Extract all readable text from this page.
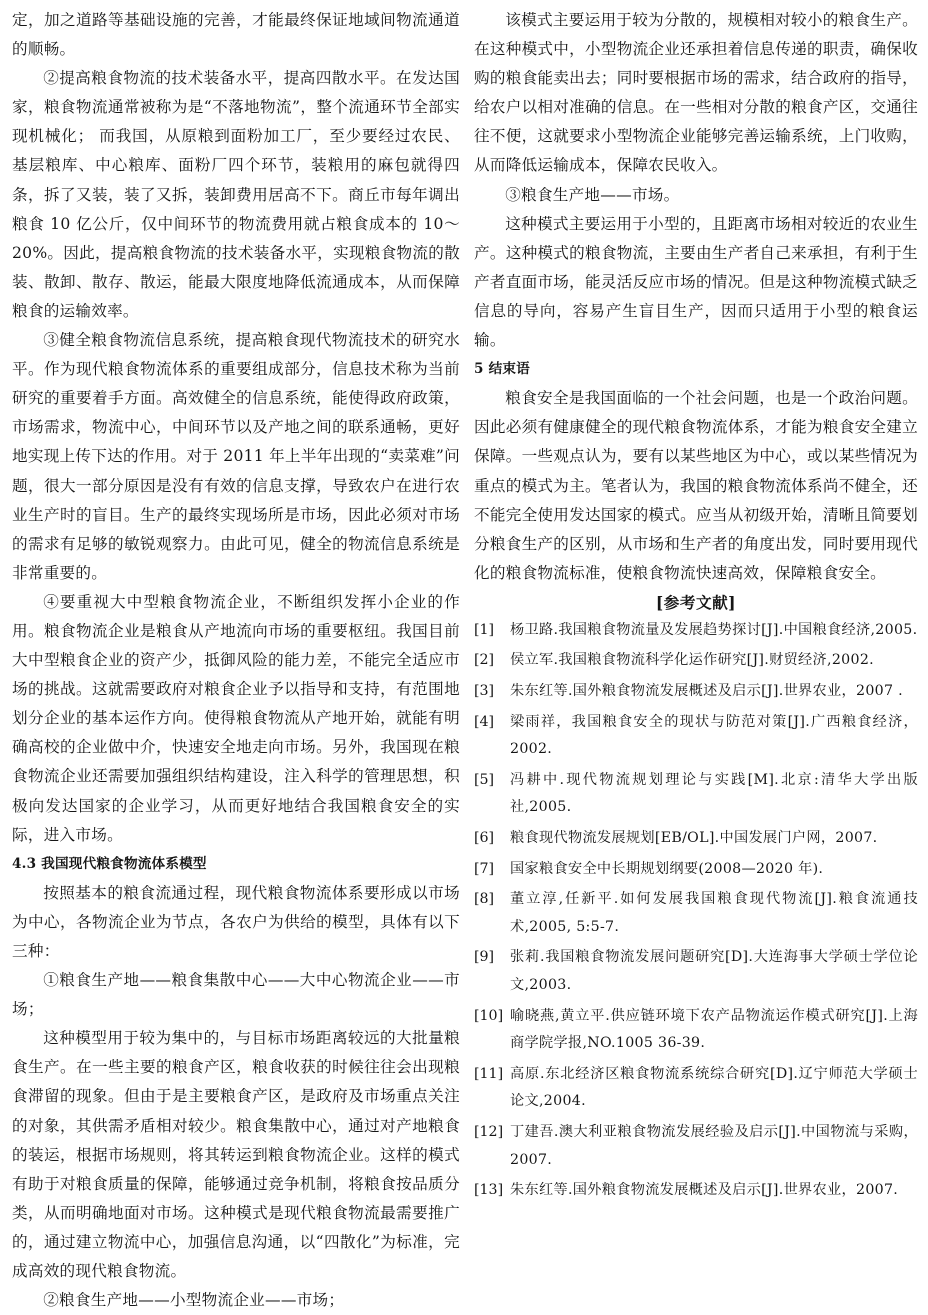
定，加之道路等基础设施的完善，才能最终保证地域间物流通道的顺畅。

②提高粮食物流的技术装备水平，提高四散水平。在发达国家，粮食物流通常被称为是“不落地物流”，整个流通环节全部实现机械化； 而我国，从原粮到面粉加工厂，至少要经过农民、基层粮库、中心粮库、面粉厂四个环节，装粮用的麻包就得四条，拆了又装，装了又拆，装卸费用居高不下。商丘市每年调出粮食 10 亿公斤，仅中间环节的物流费用就占粮食成本的 10～20%。因此，提高粮食物流的技术装备水平，实现粮食物流的散装、散卸、散存、散运，能最大限度地降低流通成本，从而保障粮食的运输效率。

③健全粮食物流信息系统，提高粮食现代物流技术的研究水平。作为现代粮食物流体系的重要组成部分，信息技术称为当前研究的重要着手方面。高效健全的信息系统，能使得政府政策，市场需求，物流中心，中间环节以及产地之间的联系通畅，更好地实现上传下达的作用。对于 2011 年上半年出现的“卖菜难”问题，很大一部分原因是没有有效的信息支撑，导致农户在进行农业生产时的盲目。生产的最终实现场所是市场，因此必须对市场的需求有足够的敏锐观察力。由此可见，健全的物流信息系统是非常重要的。

④要重视大中型粮食物流企业，不断组织发挥小企业的作用。粮食物流企业是粮食从产地流向市场的重要枢纽。我国目前大中型粮食企业的资产少，抵御风险的能力差，不能完全适应市场的挑战。这就需要政府对粮食企业予以指导和支持，有范围地划分企业的基本运作方向。使得粮食物流从产地开始，就能有明确高校的企业做中介，快速安全地走向市场。另外，我国现在粮食物流企业还需要加强组织结构建设，注入科学的管理思想，积极向发达国家的企业学习，从而更好地结合我国粮食安全的实际，进入市场。

4.3 我国现代粮食物流体系模型

按照基本的粮食流通过程，现代粮食物流体系要形成以市场为中心，各物流企业为节点，各农户为供给的模型，具体有以下三种：

①粮食生产地——粮食集散中心——大中心物流企业——市场；

这种模型用于较为集中的，与目标市场距离较远的大批量粮食生产。在一些主要的粮食产区，粮食收获的时候往往会出现粮食滞留的现象。但由于是主要粮食产区，是政府及市场重点关注的对象，其供需矛盾相对较少。粮食集散中心，通过对产地粮食的装运，根据市场规则，将其转运到粮食物流企业。这样的模式有助于对粮食质量的保障，能够通过竞争机制，将粮食按品质分类，从而明确地面对市场。这种模式是现代粮食物流最需要推广的，通过建立物流中心，加强信息沟通，以“四散化”为标准，完成高效的现代粮食物流。

②粮食生产地——小型物流企业——市场；

该模式主要运用于较为分散的，规模相对较小的粮食生产。在这种模式中，小型物流企业还承担着信息传递的职责，确保收购的粮食能卖出去；同时要根据市场的需求，结合政府的指导，给农户以相对准确的信息。在一些相对分散的粮食产区，交通往往不便，这就要求小型物流企业能够完善运输系统，上门收购，从而降低运输成本，保障农民收入。

③粮食生产地——市场。

这种模式主要运用于小型的，且距离市场相对较近的农业生产。这种模式的粮食物流，主要由生产者自己来承担，有利于生产者直面市场，能灵活反应市场的情况。但是这种物流模式缺乏信息的导向，容易产生盲目生产，因而只适用于小型的粮食运输。

5 结束语

粮食安全是我国面临的一个社会问题，也是一个政治问题。因此必须有健康健全的现代粮食物流体系，才能为粮食安全建立保障。一些观点认为，要有以某些地区为中心，或以某些情况为重点的模式为主。笔者认为，我国的粮食物流体系尚不健全，还不能完全使用发达国家的模式。应当从初级开始，清晰且简要划分粮食生产的区别，从市场和生产者的角度出发，同时要用现代化的粮食物流标准，使粮食物流快速高效，保障粮食安全。

[参考文献]
[1]	杨卫路.我国粮食物流量及发展趋势探讨[J].中国粮食经济,2005.
[2]	侯立军.我国粮食物流科学化运作研究[J].财贸经济,2002.
[3]	朱东红等.国外粮食物流发展概述及启示[J].世界农业，2007 .
[4]	梁雨祥，我国粮食安全的现状与防范对策[J].广西粮食经济，2002.
[5]	冯耕中.现代物流规划理论与实践[M].北京:清华大学出版社,2005.
[6]	粮食现代物流发展规划[EB/OL].中国发展门户网，2007.
[7]	国家粮食安全中长期规划纲要(2008—2020 年).
[8]	董立淳,任新平.如何发展我国粮食现代物流[J].粮食流通技术,2005, 5:5-7.
[9]	张莉.我国粮食物流发展问题研究[D].大连海事大学硕士学位论文,2003.
[10] 喻晓燕,黄立平.供应链环境下农产品物流运作模式研究[J].上海商学院学报,NO.1005 36-39.
[11] 高原.东北经济区粮食物流系统综合研究[D].辽宁师范大学硕士论文,2004.
[12] 丁建吾.澳大利亚粮食物流发展经验及启示[J].中国物流与采购，2007.
[13] 朱东红等.国外粮食物流发展概述及启示[J].世界农业，2007.
